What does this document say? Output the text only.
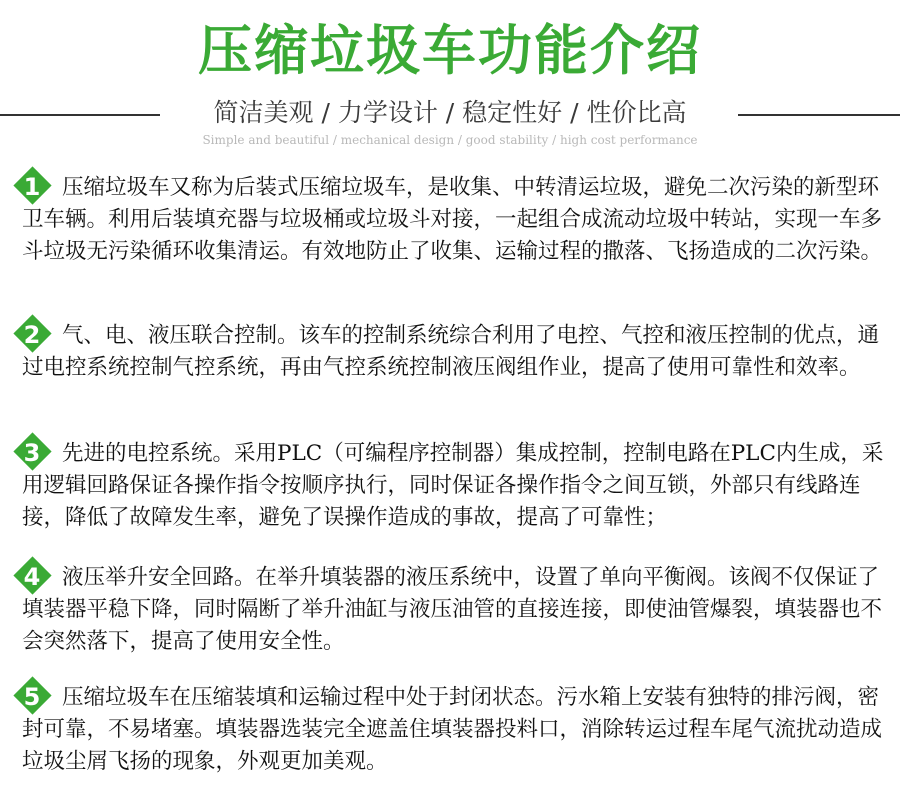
压缩垃圾车功能介绍
简洁美观 / 力学设计 / 稳定性好 / 性价比高
Simple and beautiful / mechanical design / good stability / high cost performance
1	压缩垃圾车又称为后装式压缩垃圾车，是收集、中转清运垃圾，避免二次污染的新型环卫车辆。利用后装填充器与垃圾桶或垃圾斗对接，一起组合成流动垃圾中转站，实现一车多斗垃圾无污染循环收集清运。有效地防止了收集、运输过程的撒落、飞扬造成的二次污染。
2	气、电、液压联合控制。该车的控制系统综合利用了电控、气控和液压控制的优点，通过电控系统控制气控系统，再由气控系统控制液压阀组作业，提高了使用可靠性和效率。
3	先进的电控系统。采用PLC（可编程序控制器）集成控制，控制电路在PLC内生成，采用逻辑回路保证各操作指令按顺序执行，同时保证各操作指令之间互锁，外部只有线路连接，降低了故障发生率，避免了误操作造成的事故，提高了可靠性；
4	液压举升安全回路。在举升填装器的液压系统中，设置了单向平衡阀。该阀不仅保证了填装器平稳下降，同时隔断了举升油缸与液压油管的直接连接，即使油管爆裂，填装器也不会突然落下，提高了使用安全性。
5	压缩垃圾车在压缩装填和运输过程中处于封闭状态。污水箱上安装有独特的排污阀，密封可靠，不易堵塞。填装器选装完全遮盖住填装器投料口，消除转运过程车尾气流扰动造成垃圾尘屑飞扬的现象，外观更加美观。
